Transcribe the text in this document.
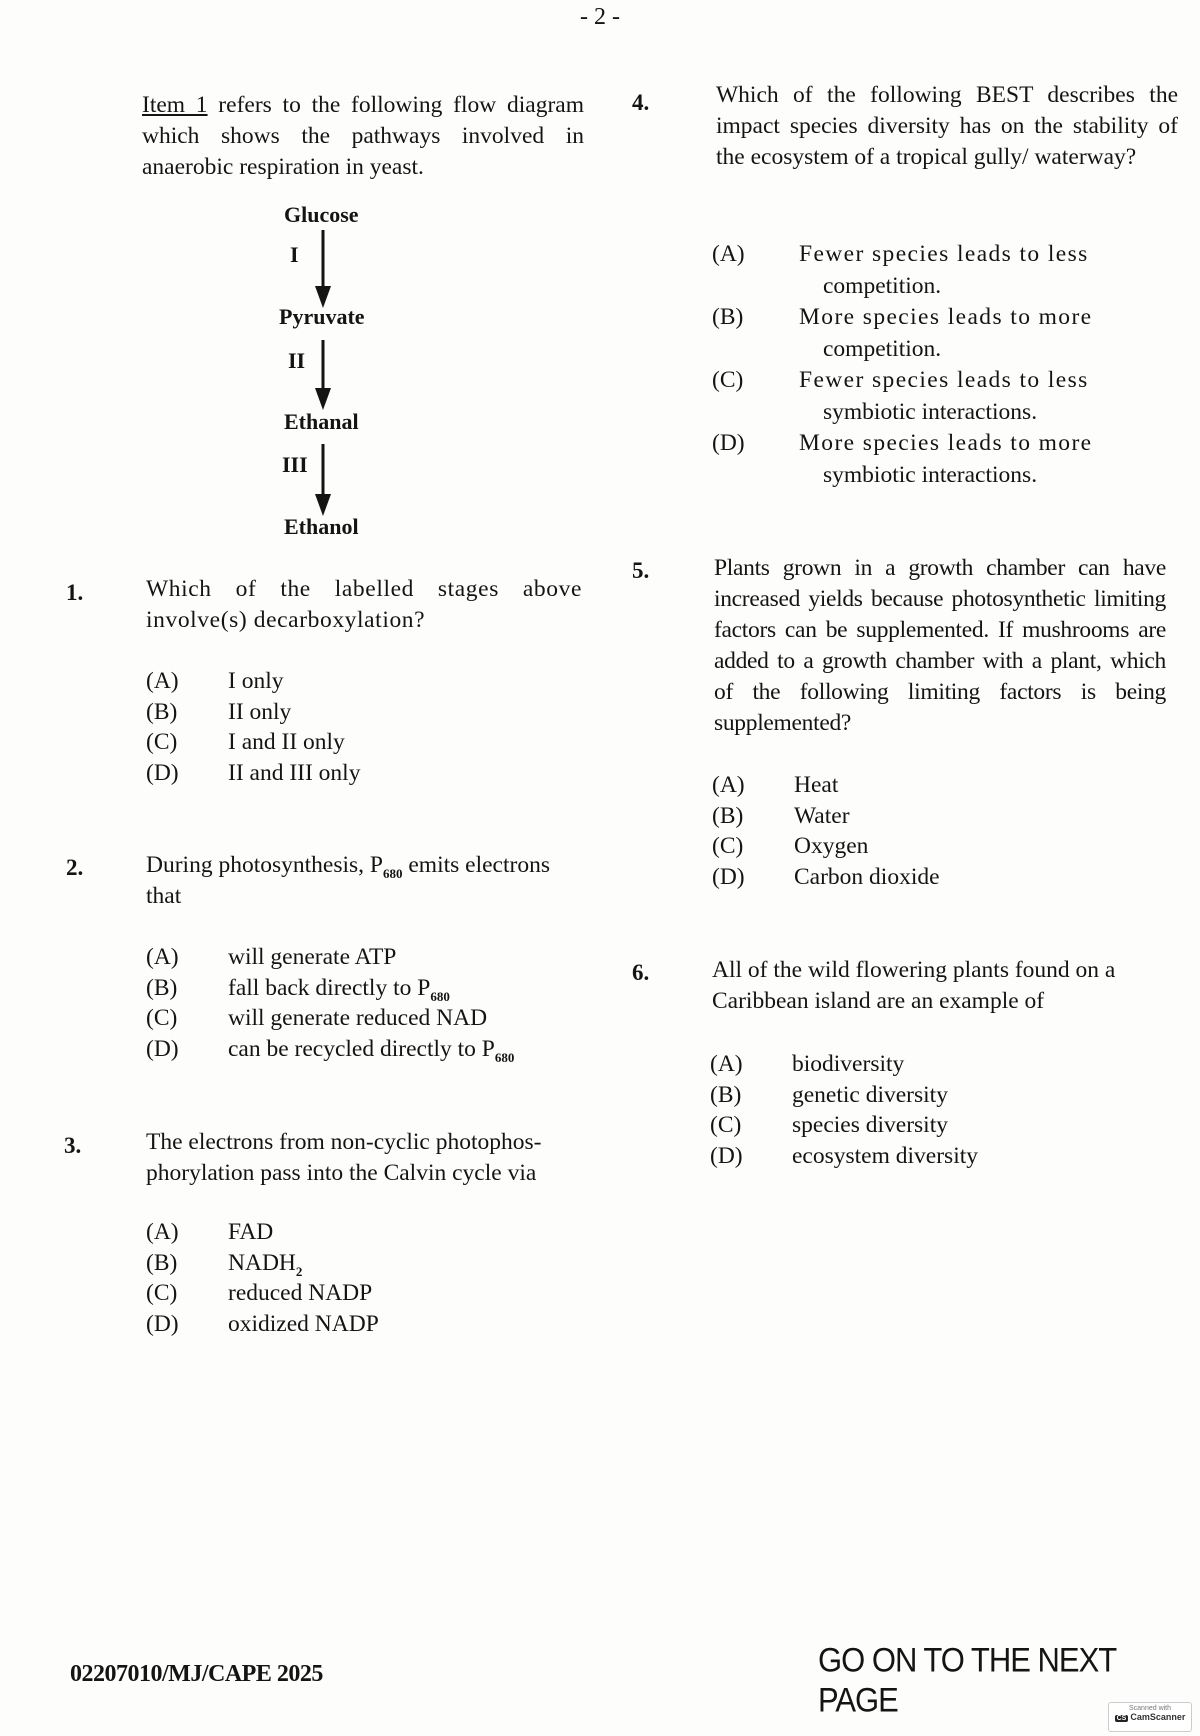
- 2 -
Item 1 refers to the following flow diagram which shows the pathways involved in anaerobic respiration in yeast.
Glucose
I
Pyruvate
II
Ethanal
III
Ethanol
1.	Which of the labelled stages above involve(s) decarboxylation?
(A)	I only
(B)	II only
(C)	I and II only
(D)	II and III only
2.	During photosynthesis, $P_{680}$ emits electrons that
(A)	will generate ATP
(B)	fall back directly to $P_{680}$
(C)	will generate reduced NAD
(D)	can be recycled directly to $P_{680}$
3.	The electrons from non-cyclic photophos-
phorylation pass into the Calvin cycle via
(A)	FAD
(B)	$NADH_2$
(C)	reduced NADP
(D)	oxidized NADP
4.	Which of the following BEST describes the impact species diversity has on the stability of the ecosystem of a tropical gully/ waterway?
(A)	Fewer species leads to less
competition.
(B)	More species leads to more
competition.
(C)	Fewer species leads to less
symbiotic interactions.
(D)	More species leads to more
symbiotic interactions.
5.	Plants grown in a growth chamber can have increased yields because photosynthetic limiting factors can be supplemented. If mushrooms are added to a growth chamber with a plant, which of the following limiting factors is being supplemented?
(A)	Heat
(B)	Water
(C)	Oxygen
(D)	Carbon dioxide
6.	All of the wild flowering plants found on a Caribbean island are an example of
(A)	biodiversity
(B)	genetic diversity
(C)	species diversity
(D)	ecosystem diversity
02207010/MJ/CAPE 2025	GO ON TO THE NEXT PAGE	Scanned with
CS CamScanner
